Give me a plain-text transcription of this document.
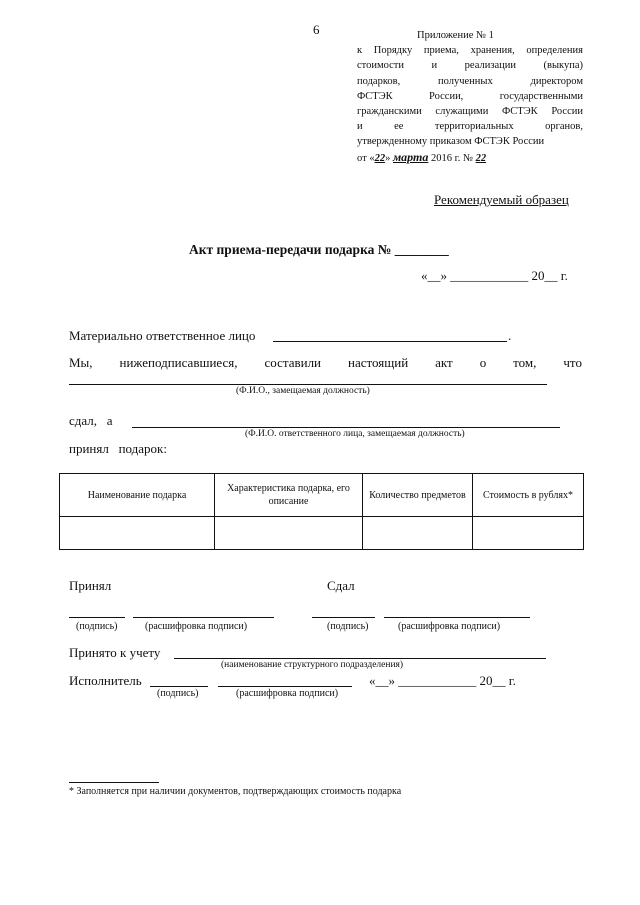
6	Приложение № 1
к Порядку приема, хранения, определения
стоимости и реализации (выкупа)
подарков, полученных директором
ФСТЭК России, государственными
гражданскими служащими ФСТЭК России
и ее территориальных органов,
утвержденному приказом ФСТЭК России
от «22» марта 2016 г. № 22
Рекомендуемый образец
Акт приема-передачи подарка № ________
«__» ____________ 20__ г.
Материально ответственное лицо	.
Мы, нижеподписавшиеся, составили настоящий акт о том, что
(Ф.И.О., замещаемая должность)
сдал,   а
(Ф.И.О. ответственного лица, замещаемая должность)
принял   подарок:
Наименование подарка	Характеристика подарка, его описание	Количество предметов	Стоимость в рублях*

Принял	Сдал
(подпись)	(расшифровка подписи)	(подпись)	(расшифровка подписи)
Принято к учету
(наименование структурного подразделения)
Исполнитель	«__» ____________ 20__ г.
(подпись)	(расшифровка подписи)
* Заполняется при наличии документов, подтверждающих стоимость подарка
